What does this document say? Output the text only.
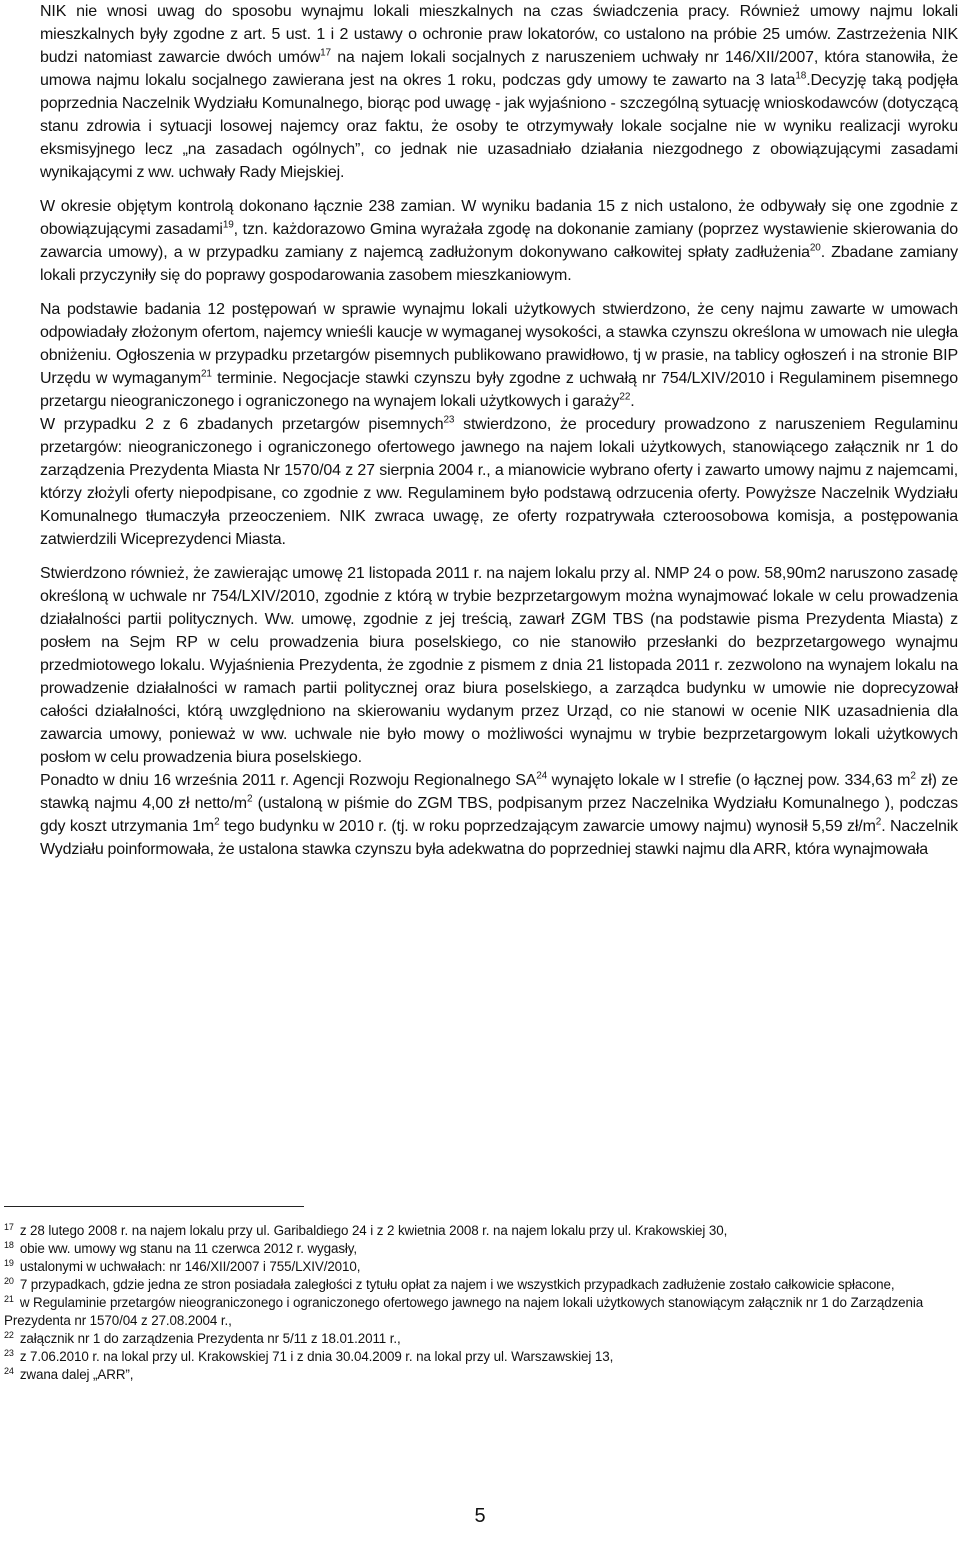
NIK nie wnosi uwag do sposobu wynajmu lokali mieszkalnych na czas świadczenia pracy. Również umowy najmu lokali mieszkalnych były zgodne z art. 5 ust. 1 i 2 ustawy o ochronie praw lokatorów, co ustalono na próbie 25 umów. Zastrzeżenia NIK budzi natomiast zawarcie dwóch umów$^{17}$ na najem lokali socjalnych z naruszeniem uchwały nr 146/XII/2007, która stanowiła, że umowa najmu lokalu socjalnego zawierana jest na okres 1 roku, podczas gdy umowy te zawarto na 3 lata$^{18}$.Decyzję taką podjęła poprzednia Naczelnik Wydziału Komunalnego, biorąc pod uwagę - jak wyjaśniono - szczególną sytuację wnioskodawców (dotyczącą stanu zdrowia i sytuacji losowej najemcy oraz faktu, że osoby te otrzymywały lokale socjalne nie w wyniku realizacji wyroku eksmisyjnego lecz „na zasadach ogólnych”, co jednak nie uzasadniało działania niezgodnego z obowiązującymi zasadami wynikającymi z ww. uchwały Rady Miejskiej.

W okresie objętym kontrolą dokonano łącznie 238 zamian. W wyniku badania 15 z nich ustalono, że odbywały się one zgodnie z obowiązującymi zasadami$^{19}$, tzn. każdorazowo Gmina wyrażała zgodę na dokonanie zamiany (poprzez wystawienie skierowania do zawarcia umowy), a w przypadku zamiany z najemcą zadłużonym dokonywano całkowitej spłaty zadłużenia$^{20}$. Zbadane zamiany lokali przyczyniły się do poprawy gospodarowania zasobem mieszkaniowym.

Na podstawie badania 12 postępowań w sprawie wynajmu lokali użytkowych stwierdzono, że ceny najmu zawarte w umowach odpowiadały złożonym ofertom, najemcy wnieśli kaucje w wymaganej wysokości, a stawka czynszu określona w umowach nie uległa obniżeniu. Ogłoszenia w przypadku przetargów pisemnych publikowano prawidłowo, tj w prasie, na tablicy ogłoszeń i na stronie BIP Urzędu w wymaganym$^{21}$ terminie. Negocjacje stawki czynszu były zgodne z uchwałą nr 754/LXIV/2010 i Regulaminem pisemnego przetargu nieograniczonego i ograniczonego na wynajem lokali użytkowych i garaży$^{22}$.

W przypadku 2 z 6 zbadanych przetargów pisemnych$^{23}$ stwierdzono, że procedury prowadzono z naruszeniem Regulaminu przetargów: nieograniczonego i ograniczonego ofertowego jawnego na najem lokali użytkowych, stanowiącego załącznik nr 1 do zarządzenia Prezydenta Miasta Nr 1570/04 z 27 sierpnia 2004 r., a mianowicie wybrano oferty i zawarto umowy najmu z najemcami, którzy złożyli oferty niepodpisane, co zgodnie z ww. Regulaminem było podstawą odrzucenia oferty. Powyższe Naczelnik Wydziału Komunalnego tłumaczyła przeoczeniem. NIK zwraca uwagę, ze oferty rozpatrywała czteroosobowa komisja, a postępowania zatwierdzili Wiceprezydenci Miasta.

Stwierdzono również, że zawierając umowę 21 listopada 2011 r. na najem lokalu przy al. NMP 24 o pow. 58,90m2 naruszono zasadę określoną w uchwale nr 754/LXIV/2010, zgodnie z którą w trybie bezprzetargowym można wynajmować lokale w celu prowadzenia działalności partii politycznych. Ww. umowę, zgodnie z jej treścią, zawarł ZGM TBS (na podstawie pisma Prezydenta Miasta) z posłem na Sejm RP w celu prowadzenia biura poselskiego, co nie stanowiło przesłanki do bezprzetargowego wynajmu przedmiotowego lokalu. Wyjaśnienia Prezydenta, że zgodnie z pismem z dnia 21 listopada 2011 r. zezwolono na wynajem lokalu na prowadzenie działalności w ramach partii politycznej oraz biura poselskiego, a zarządca budynku w umowie nie doprecyzował całości działalności, którą uwzględniono na skierowaniu wydanym przez Urząd, co nie stanowi w ocenie NIK uzasadnienia dla zawarcia umowy, ponieważ w ww. uchwale nie było mowy o możliwości wynajmu w trybie bezprzetargowym lokali użytkowych posłom w celu prowadzenia biura poselskiego.

Ponadto w dniu 16 września 2011 r. Agencji Rozwoju Regionalnego SA$^{24}$ wynajęto lokale w I strefie (o łącznej pow. 334,63 $m^2$ zł) ze stawką najmu 4,00 zł netto/$m^2$ (ustaloną w piśmie do ZGM TBS, podpisanym przez Naczelnika Wydziału Komunalnego ), podczas gdy koszt utrzymania $1m^2$ tego budynku w 2010 r. (tj. w roku poprzedzającym zawarcie umowy najmu) wynosił 5,59 $zł/m^2$. Naczelnik Wydziału poinformowała, że ustalona stawka czynszu była adekwatna do poprzedniej stawki najmu dla ARR, która wynajmowała

$^{17}$ z 28 lutego 2008 r. na najem lokalu przy ul. Garibaldiego 24 i z 2 kwietnia 2008 r. na najem lokalu przy ul. Krakowskiej 30,

$^{18}$ obie ww. umowy wg stanu na 11 czerwca 2012 r. wygasły,

$^{19}$ ustalonymi w uchwałach: nr 146/XII/2007 i 755/LXIV/2010,

$^{20}$ 7 przypadkach, gdzie jedna ze stron posiadała zaległości z tytułu opłat za najem i we wszystkich przypadkach zadłużenie zostało całkowicie spłacone,

$^{21}$ w Regulaminie przetargów nieograniczonego i ograniczonego ofertowego jawnego na najem lokali użytkowych stanowiącym załącznik nr 1 do Zarządzenia Prezydenta nr 1570/04 z 27.08.2004 r.,

$^{22}$ załącznik nr 1 do zarządzenia Prezydenta nr 5/11 z 18.01.2011 r.,

$^{23}$ z 7.06.2010 r. na lokal przy ul. Krakowskiej 71 i z dnia 30.04.2009 r. na lokal przy ul. Warszawskiej 13,

$^{24}$ zwana dalej „ARR”,

5
